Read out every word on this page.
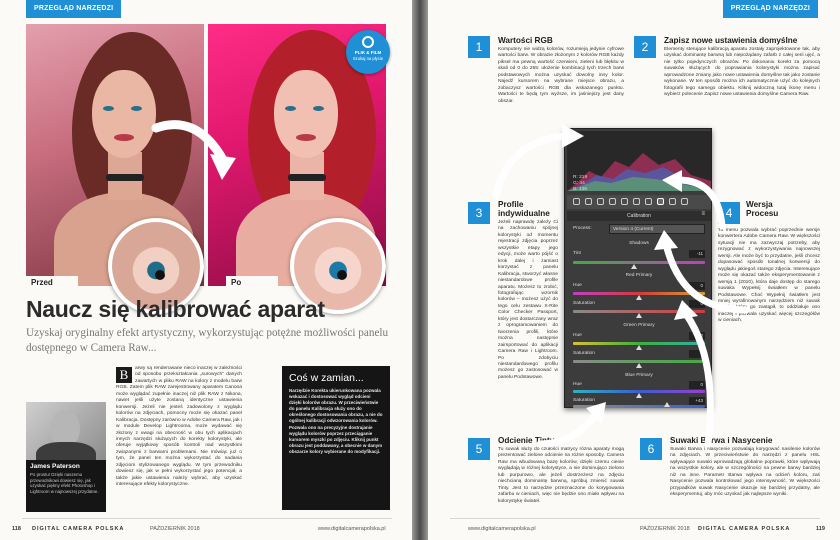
PRZEGLĄD NARZĘDZI
Przed	Po
PLIK & FILM
Szukaj na płycie
Naucz się kalibrować aparat
Uzyskaj oryginalny efekt artystyczny, wykorzystując potężne możliwości panelu dostępnego w Camera Raw...
James Paterson
Po prostu! Dzięki naszemu przewodnikowi dowiesz się, jak uzyskać piękny efekt Photoshop i Lightroom w najnowszej przydatne.
B	arwy są renderowane nieco inaczej w zależności od sposobu przekształcania „surowych” danych zawartych w pliku RAW na kolory z modelu barw RGB. Zatem plik RAW zarejestrowany aparatem Canona może wyglądać zupełnie inaczej niż plik RAW z Nikona, nawet jeśli użyte zostaną identyczne ustawienia konwersji. Jeżeli nie jesteś zadowolony z wyglądu kolorów na zdjęciach, pomocny może się okazać panel Kalibracja. Dostępny zarówno w Adobe Camera Raw, jak i w module Develop Lightrooma, może wydawać się złożony z uwagi na obecność w obu tych aplikacjach innych narzędzi służących do korekty kolorystyki, ale oferuje wyjątkowy sposób kontroli nad wszystkimi związanymi z barwami problemami. Nie mówiąc już o tym, że panel ten można wykorzystać do nadania zdjęciom stylizowanego wyglądu. W tym przewodniku dowiesz się, jak w pełni wykorzystać jego potencjał, a także jakie ustawienia należy wybrać, aby uzyskać interesujące efekty kolorystyczne.
Coś w zamian...
Narzędzie Korekta ukierunkowana pozwala wskazać i dostosować wygląd odcieni dzięki kolorów obrazu. W przeciwieństwie do panelu Kalibracja służy ono do określonego dostosowania obrazu, a nie do ogólnej kalibracji odwzorowania kolorów. Pozwala ono na precyzyjne dostrajanie wyglądu kolorów poprzez przeciąganie kursorem myszki po zdjęciu. Kliknij punkt obrazu jest poddawany, a obecnie w danym obszarze kolory wybierane do modyfikacji.
118 DIGITAL CAMERA POLSKA	PAŹDZIERNIK 2018	www.digitalcamerapolska.pl
PRZEGLĄD NARZĘDZI
1	Wartości RGB
Komputery nie widzą kolorów, rozumieją jedynie cyfrowe wartości barw. W obrazie złożonym z kolorów RGB każdy piksel ma pewną wartość czerwieni, zieleni lub błękitu w skali od 0 do 255: ułożenie kombinacji tych trzech barw podstawowych można uzyskać dowolny inny kolor. Najedź kursorem na wybrane miejsce obrazu, a zobaczysz wartości RGB dla wskazanego punktu. Wartości te będą tym wyższe, im jaśniejszy jest dany obszar.
2	Zapisz nowe ustawienia domyślne
Elementy sterujące kalibracją aparatu zostały zaprojektowane tak, aby uzyskać dominantę barwną lub niepożądany zafarb z całej serii ujęć, a nie tylko pojedynczych obrazów. Po dokonaniu korekt za pomocą suwaków służących do poprawiania kolorystyki można zapisać wprowadzone zmiany jako nowe ustawienia domyślne tak jako zostanie wykonane. W ten sposób można ich automatycznie użyć do kolejnych fotografii tego samego obiektu. Kliknij widoczną tutaj ikonę menu i wybierz polecenie Zapisz nowe ustawienia domyślne Camera Raw.
3
Profile indywidualne
Jeżeli naprawdę zależy Ci na zachowaniu spójnej kolorystyki od momentu rejestracji zdjęcia poprzez wszystkie etapy jego edycji, może warto pójść o krok dalej i zamiast korzystać z panelu Kalibracja, stworzyć własne niestandardowe profile aparatu. Możesz to zrobić, fotografując wzornik kolorów – możesz użyć do tego celu zestawu X-Rite Color Checker Passport, który jest dostarczany wraz z oprogramowaniem do tworzenia profili, które można następnie zaimportować do aplikacji Camera Raw i Lightroom. Po zdobyciu niestandardowego profilu możesz go zastosować w panelu Podstawowe.
4
Wersja Procesu
To menu pozwala wybrać poprzednie wersje konwertera Adobe Camera Raw. W większości sytuacji nie ma zazwyczaj potrzeby, aby rezygnować z wykorzystywania najnowszej wersji. Ale może być to przydatne, jeśli chcesz dopasować sposób tonalnej konwersji do wyglądu jakiegoś starego zdjęcia. Interesujące może się okazać także eksperymentowanie z wersją 1 (2010), która daje dostęp do starego suwaka Wypełnij światłem w panelu Podstawowe. Choć Wypełnij światłem jest mniej wyrafinowanym narzędziem niż suwak Cienie, który go zastąpił, to oddziałuje ono inaczej i pozwala uzyskać więcej szczegółów w cieniach.
5
Odcienie Tinty
Tu suwak służy do czułości matrycy rózna aparaty mogą prezentować zielone odcienie na różne sposoby. Camera Raw ma wbudowaną bazę kolorów, dzięki czemu cienie wyglądają w różnej kolorystyce, a nie dominująco zielono lub purpurowo, ale jeżeli dostrzeżesz na zdjęciu niechcianą dominantę barwną, spróbuj zmienić suwak Tinty. Jest to narzędzie przeznaczone do korygowania zafarbu w cieniach, więc nie będzie ono miało wpływu na kolorystykę świateł.
6
Suwaki Barwa i Nasycenie
Suwaki Barwa i Nasycenie pozwalają korygować nasilenie kolorów na zdjęciach. W przeciwieństwie do narzędzi z panelu HSL wpływające suwaki wprowadzają globalne poprawki, które wpływają na wszystkie kolory, ale w szczególności na pewne barwy bardziej niż na inne. Parametr Barwa wpływa na odcień koloru, zaś Nasycenie pozwala kontrolować jego intensywność. W większości przypadków suwak Nasycenie okazuje się bardziej przydatny, ale eksperymentuj, aby móc uzyskać jak najlepsze wyniki.
R: 219
G: 44
B: 136
Calibration	≡
Process:	Version 4 (Current)
Shadows
Tint	-11
Red Primary
Hue	0
Saturation	0
Green Primary
Hue	0
Saturation	0
Blue Primary
Hue	0
Saturation	+43
www.digitalcamerapolska.pl	PAŹDZIERNIK 2018 DIGITAL CAMERA POLSKA	119
